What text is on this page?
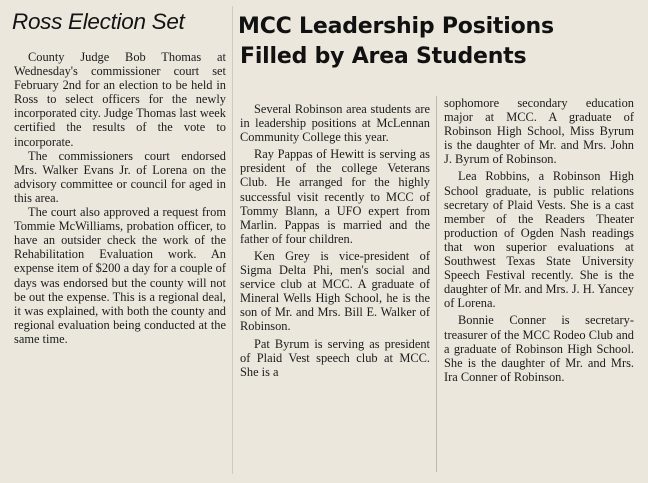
Ross Election Set

County Judge Bob Thomas at Wednesday's commissioner court set February 2nd for an election to be held in Ross to select officers for the newly incorporated city. Judge Thomas last week certified the results of the vote to incorporate.

The commissioners court endorsed Mrs. Walker Evans Jr. of Lorena on the advisory committee or council for aged in this area.

The court also approved a request from Tommie McWilliams, probation officer, to have an outsider check the work of the Rehabilitation Evaluation work. An expense item of $200 a day for a couple of days was endorsed but the county will not be out the expense. This is a regional deal, it was explained, with both the county and regional evaluation being conducted at the same time.

MCC Leadership Positions
Filled by Area Students

Several Robinson area students are in leadership positions at McLennan Community College this year.

Ray Pappas of Hewitt is serving as president of the college Veterans Club. He arranged for the highly successful visit recently to MCC of Tommy Blann, a UFO expert from Marlin. Pappas is married and the father of four children.

Ken Grey is vice-president of Sigma Delta Phi, men's social and service club at MCC. A graduate of Mineral Wells High School, he is the son of Mr. and Mrs. Bill E. Walker of Robinson.

Pat Byrum is serving as president of Plaid Vest speech club at MCC. She is a

sophomore secondary education major at MCC. A graduate of Robinson High School, Miss Byrum is the daughter of Mr. and Mrs. John J. Byrum of Robinson.

Lea Robbins, a Robinson High School graduate, is public relations secretary of Plaid Vests. She is a cast member of the Readers Theater production of Ogden Nash readings that won superior evaluations at Southwest Texas State University Speech Festival recently. She is the daughter of Mr. and Mrs. J. H. Yancey of Lorena.

Bonnie Conner is secretary-treasurer of the MCC Rodeo Club and a graduate of Robinson High School. She is the daughter of Mr. and Mrs. Ira Conner of Robinson.
